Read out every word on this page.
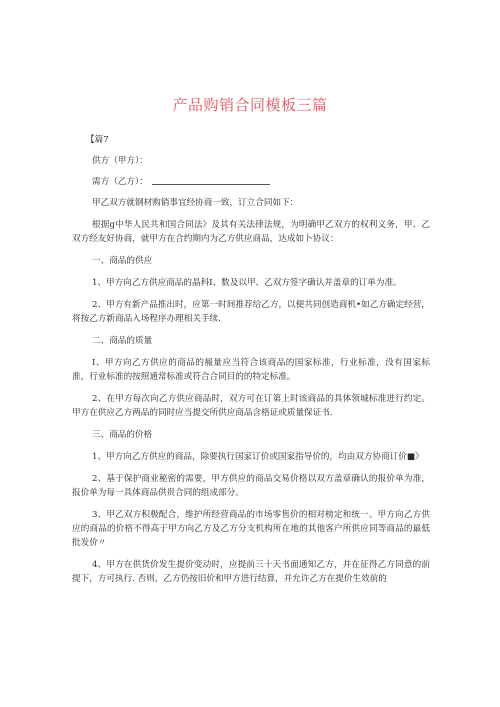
产品购销合同模板三篇

【篇7

供方（甲方）：

需方（乙方）：

甲乙双方就钢材购销事宜经协商一致，订立合同如下：

根据g中华人民共和国合同法》及其有关法律法规，为明确甲乙双方的权利义务，甲、乙双方经友好协商，就甲方在合约期内为乙方供应商品，达成如卜协议：

一、商品的供应

1、甲方向乙方供应商品的晶科I、数及以甲、乙双方签字确认并盖章的订单为准。

2、甲方有新产品推出时，应第一时间推荐给乙方，以便共同创造商机•如乙方确定经营，将按乙方新商品入场程序办理相关手续.

二、商品的质量

I、甲方向乙方供应的商品的赧量应当符合该商品的国家标准，行业标准，没有国家标准，行业标准的按照通常标准或符合合同目的的特定标准。

2、在甲方每次向乙方供应商品时，双方可在订第上时该商品的具体领城标准进行约定。甲方在供应乙方两品的同时应当提交所供应商品含格证或质量保证书.

三、商品的价格

1、甲方向乙方供应的商品，除要执行国家订价或国家指导价的，均由双方协商订价■》

2、基于保护商业秘密的需要，甲方供应的商品交易价格以双方盖章确认的报价单为准，报价单为每一具体商品供贵合同的组成部分。

3、甲乙双方积极配合，维护所经营商品的市场零售价的相对榜定和统一。甲方向乙方供应的商品的价格不得高于甲方向乙方及乙方分支机构所在地的其他客户所供应同等商品的最低批发价〃

4、甲方在供货价发生提价变动时，应提前三十天书面通知乙方，并在征得乙方同意的前提下，方可执行. 否则，乙方仍按旧价和甲方进行结算，并允许乙方在提价生效前的
